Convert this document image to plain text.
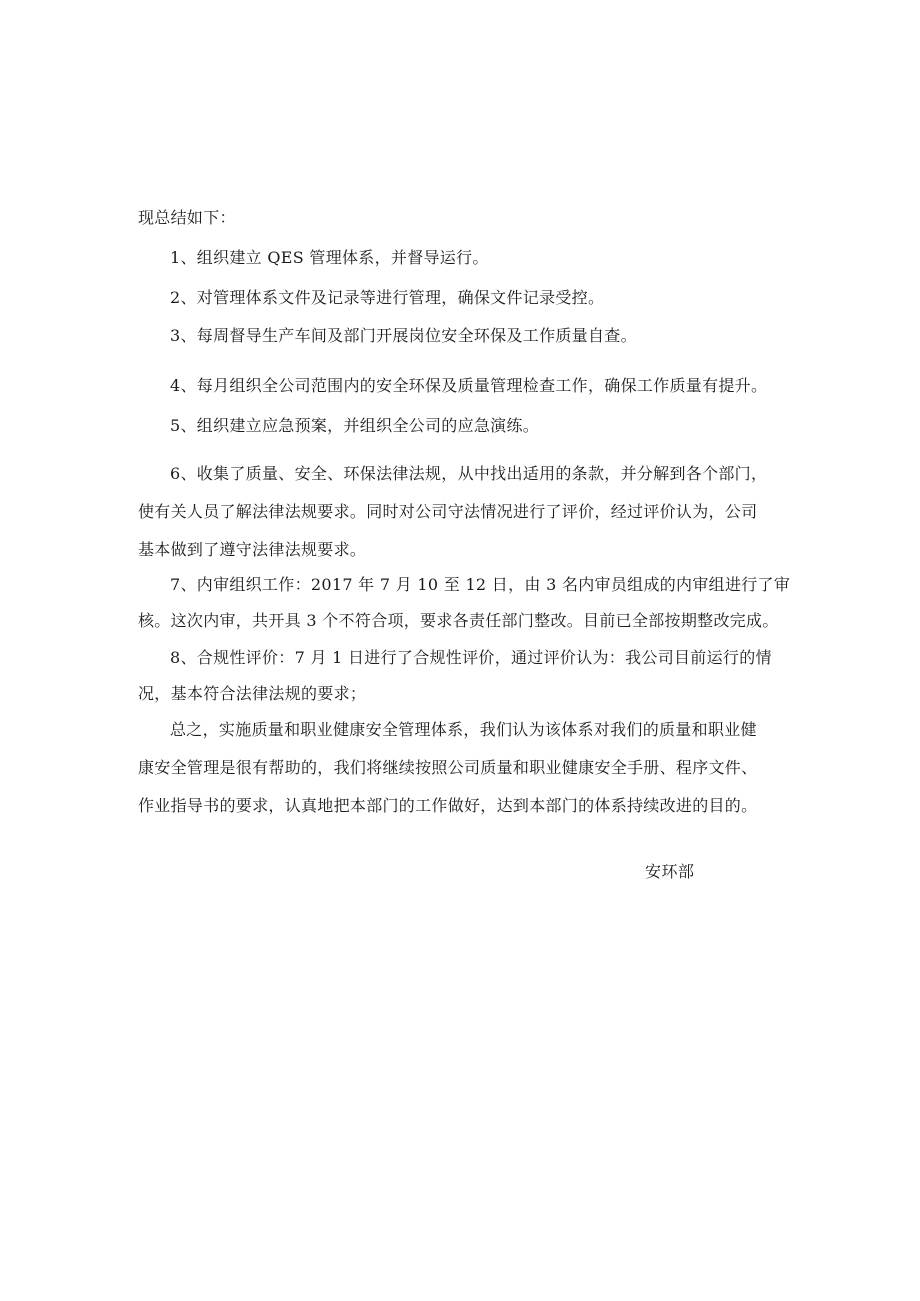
现总结如下：
1、组织建立 QES 管理体系，并督导运行。
2、对管理体系文件及记录等进行管理，确保文件记录受控。
3、每周督导生产车间及部门开展岗位安全环保及工作质量自查。
4、每月组织全公司范围内的安全环保及质量管理检查工作，确保工作质量有提升。
5、组织建立应急预案，并组织全公司的应急演练。
6、收集了质量、安全、环保法律法规，从中找出适用的条款，并分解到各个部门，
使有关人员了解法律法规要求。同时对公司守法情况进行了评价，经过评价认为，公司
基本做到了遵守法律法规要求。
7、内审组织工作：2017 年 7 月 10 至 12 日，由 3 名内审员组成的内审组进行了审
核。这次内审，共开具 3 个不符合项，要求各责任部门整改。目前已全部按期整改完成。
8、合规性评价：7 月 1 日进行了合规性评价，通过评价认为：我公司目前运行的情
况，基本符合法律法规的要求；
总之，实施质量和职业健康安全管理体系，我们认为该体系对我们的质量和职业健
康安全管理是很有帮助的，我们将继续按照公司质量和职业健康安全手册、程序文件、
作业指导书的要求，认真地把本部门的工作做好，达到本部门的体系持续改进的目的。
安环部
